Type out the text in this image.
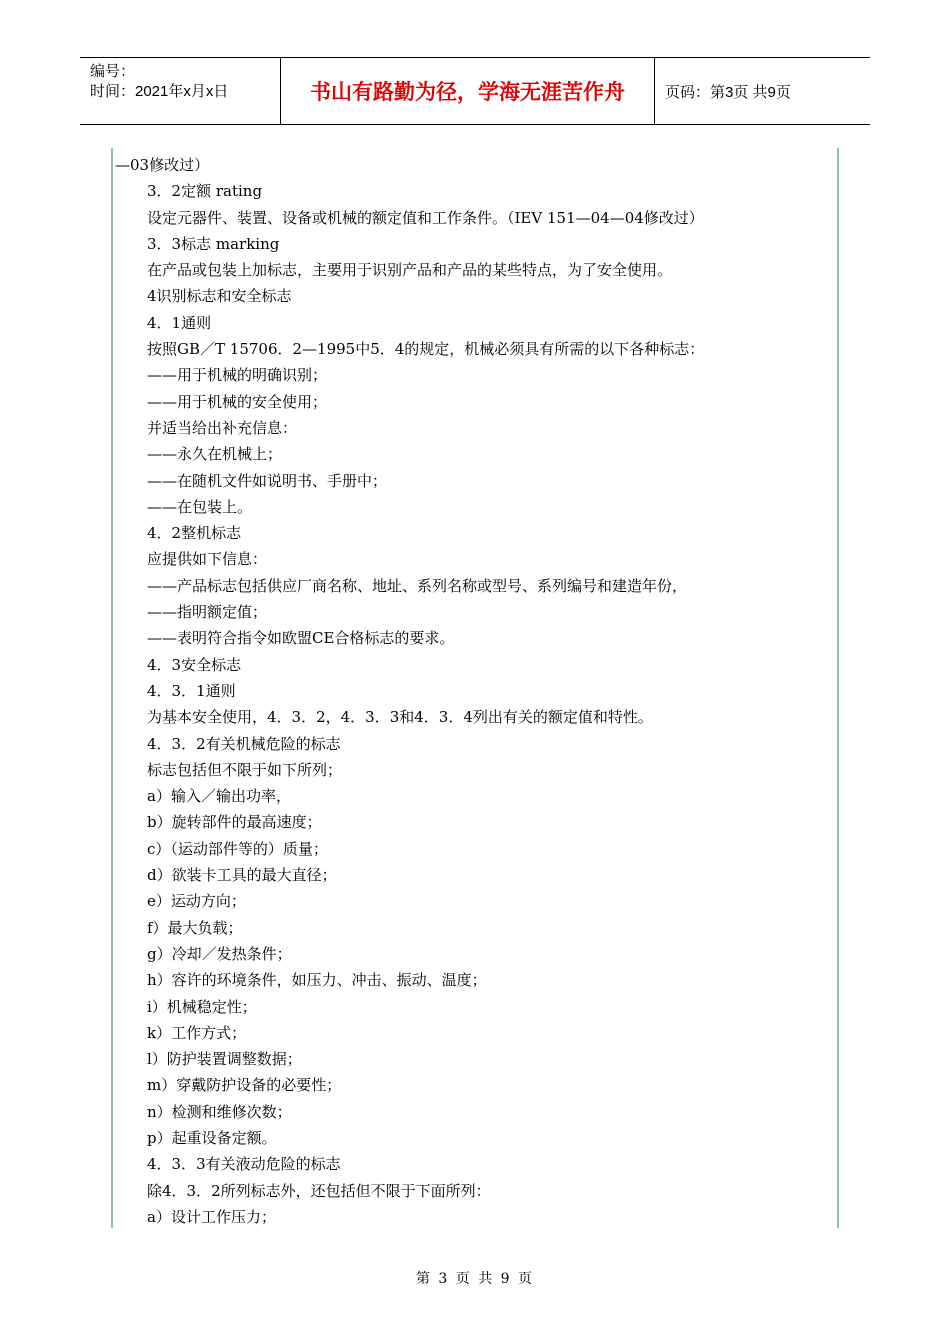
编号：
时间：2021年x月x日	书山有路勤为径，学海无涯苦作舟	页码：第3页 共9页
—03修改过）
3．2定额 rating
设定元器件、装置、设备或机械的额定值和工作条件。（IEV 151—04—04修改过）
3．3标志 marking
在产品或包装上加标志，主要用于识别产品和产品的某些特点，为了安全使用。
4识别标志和安全标志
4．1通则
按照GB／T 15706．2—1995中5．4的规定，机械必须具有所需的以下各种标志：
——用于机械的明确识别；
——用于机械的安全使用；
并适当给出补充信息：
——永久在机械上；
——在随机文件如说明书、手册中；
——在包装上。
4．2整机标志
应提供如下信息：
——产品标志包括供应厂商名称、地址、系列名称或型号、系列编号和建造年份，
——指明额定值；
——表明符合指令如欧盟CE合格标志的要求。
4．3安全标志
4．3．1通则
为基本安全使用，4．3．2，4．3．3和4．3．4列出有关的额定值和特性。
4．3．2有关机械危险的标志
标志包括但不限于如下所列；
a）输入／输出功率，
b）旋转部件的最高速度；
c）（运动部件等的）质量；
d）欲装卡工具的最大直径；
e）运动方向；
f）最大负载；
g）冷却／发热条件；
h）容许的环境条件，如压力、冲击、振动、温度；
i）机械稳定性；
k）工作方式；
l）防护装置调整数据；
m）穿戴防护设备的必要性；
n）检测和维修次数；
p）起重设备定额。
4．3．3有关液动危险的标志
除4．3．2所列标志外，还包括但不限于下面所列：
a）设计工作压力；
第 3 页 共 9 页
